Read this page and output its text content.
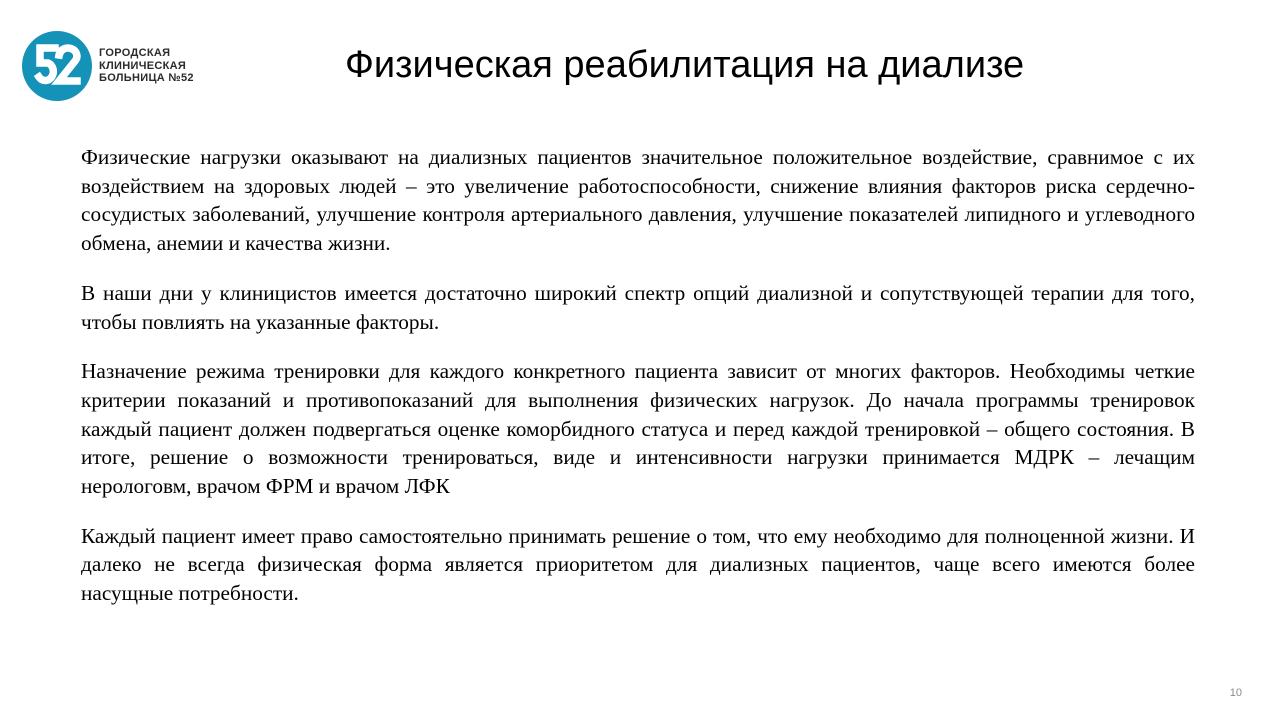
ГОРОДСКАЯ
КЛИНИЧЕСКАЯ
БОЛЬНИЦА №52	Физическая реабилитация на диализе

Физические нагрузки оказывают на диализных пациентов значительное положительное воздействие, сравнимое с их воздействием на здоровых людей – это увеличение работоспособности, снижение влияния факторов риска сердечно-сосудистых заболеваний, улучшение контроля артериального давления, улучшение показателей липидного и углеводного обмена, анемии и качества жизни.

В наши дни у клиницистов имеется достаточно широкий спектр опций диализной и сопутствующей терапии для того, чтобы повлиять на указанные факторы.

Назначение режима тренировки для каждого конкретного пациента зависит от многих факторов. Необходимы четкие критерии показаний и противопоказаний для выполнения физических нагрузок. До начала программы тренировок каждый пациент должен подвергаться оценке коморбидного статуса и перед каждой тренировкой – общего состояния. В итоге, решение о возможности тренироваться, виде и интенсивности нагрузки принимается МДРК – лечащим нерологовм, врачом ФРМ и врачом ЛФК

Каждый пациент имеет право самостоятельно принимать решение о том, что ему необходимо для полноценной жизни. И далеко не всегда физическая форма является приоритетом для диализных пациентов, чаще всего имеются более насущные потребности.

10
